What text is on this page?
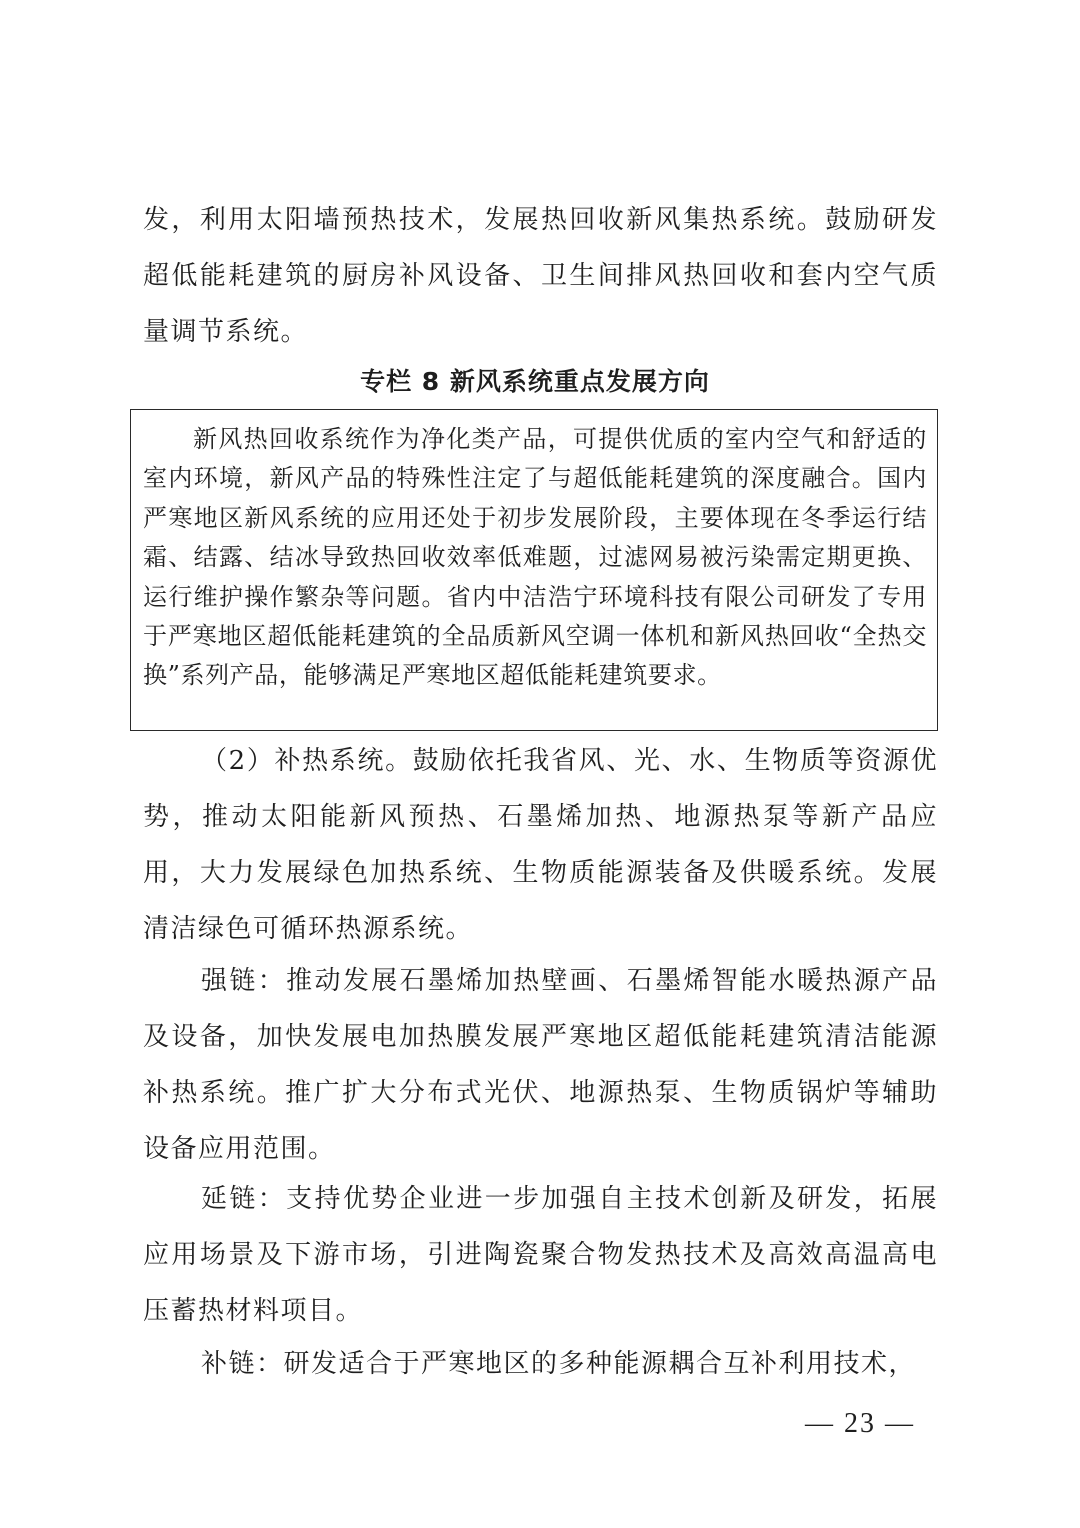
发，利用太阳墙预热技术，发展热回收新风集热系统。鼓励研发超低能耗建筑的厨房补风设备、卫生间排风热回收和套内空气质量调节系统。

专栏 8 新风系统重点发展方向

新风热回收系统作为净化类产品，可提供优质的室内空气和舒适的室内环境，新风产品的特殊性注定了与超低能耗建筑的深度融合。国内严寒地区新风系统的应用还处于初步发展阶段，主要体现在冬季运行结霜、结露、结冰导致热回收效率低难题，过滤网易被污染需定期更换、运行维护操作繁杂等问题。省内中洁浩宁环境科技有限公司研发了专用于严寒地区超低能耗建筑的全品质新风空调一体机和新风热回收“全热交换”系列产品，能够满足严寒地区超低能耗建筑要求。

（2）补热系统。鼓励依托我省风、光、水、生物质等资源优势，推动太阳能新风预热、石墨烯加热、地源热泵等新产品应用，大力发展绿色加热系统、生物质能源装备及供暖系统。发展清洁绿色可循环热源系统。

强链：推动发展石墨烯加热壁画、石墨烯智能水暖热源产品及设备，加快发展电加热膜发展严寒地区超低能耗建筑清洁能源补热系统。推广扩大分布式光伏、地源热泵、生物质锅炉等辅助设备应用范围。

延链：支持优势企业进一步加强自主技术创新及研发，拓展应用场景及下游市场，引进陶瓷聚合物发热技术及高效高温高电压蓄热材料项目。

补链：研发适合于严寒地区的多种能源耦合互补利用技术，

— 23 —
